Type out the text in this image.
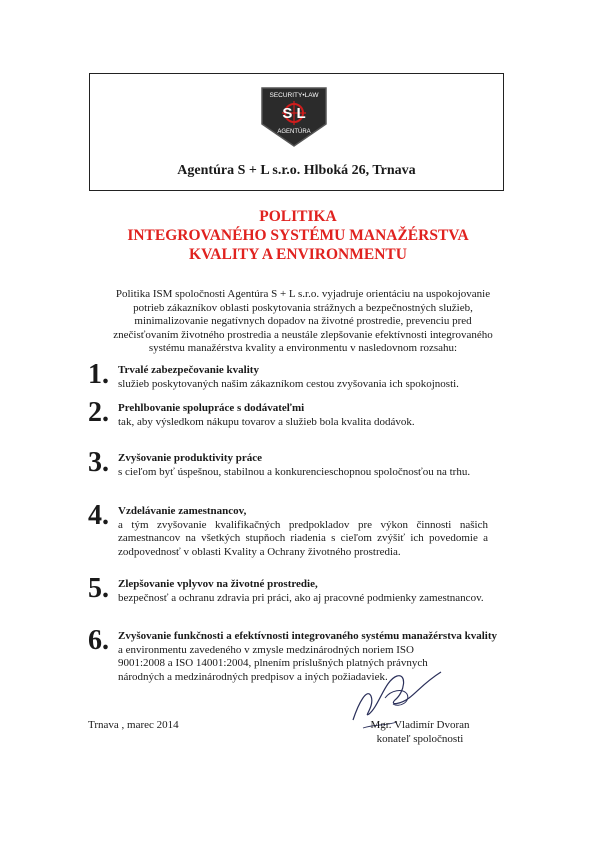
SECURITY•LAW
S L
AGENTÚRA
Agentúra S + L s.r.o. Hlboká 26, Trnava
POLITIKA
INTEGROVANÉHO SYSTÉMU MANAŽÉRSTVA
KVALITY A ENVIRONMENTU
Politika ISM spoločnosti Agentúra S + L s.r.o. vyjadruje orientáciu na uspokojovanie
potrieb zákazníkov oblasti poskytovania strážnych a bezpečnostných služieb,
minimalizovanie negatívnych dopadov na životné prostredie, prevenciu pred
znečisťovaním životného prostredia a neustále zlepšovanie efektívnosti integrovaného
systému manažérstva kvality a environmentu v nasledovnom rozsahu:
1. Trvalé zabezpečovanie kvality
služieb poskytovaných našim zákazníkom cestou zvyšovania ich spokojnosti.
2. Prehlbovanie spolupráce s dodávateľmi
tak, aby výsledkom nákupu tovarov a služieb bola kvalita dodávok.
3. Zvyšovanie produktivity práce
s cieľom byť úspešnou, stabilnou a konkurencieschopnou spoločnosťou na trhu.
4. Vzdelávanie zamestnancov,
a tým zvyšovanie kvalifikačných predpokladov pre výkon činnosti našich zamestnancov na všetkých stupňoch riadenia s cieľom zvýšiť ich povedomie a zodpovednosť v oblasti Kvality a Ochrany životného prostredia.
5. Zlepšovanie vplyvov na životné prostredie,
bezpečnosť a ochranu zdravia pri práci, ako aj pracovné podmienky zamestnancov.
6. Zvyšovanie funkčnosti a efektívnosti integrovaného systému manažérstva kvality
a environmentu zavedeného v zmysle medzinárodných noriem ISO 9001:2008 a ISO 14001:2004, plnením príslušných platných právnych národných a medzinárodných predpisov a iných požiadaviek.
Trnava , marec 2014	Mgr. Vladimír Dvoran
konateľ spoločnosti
